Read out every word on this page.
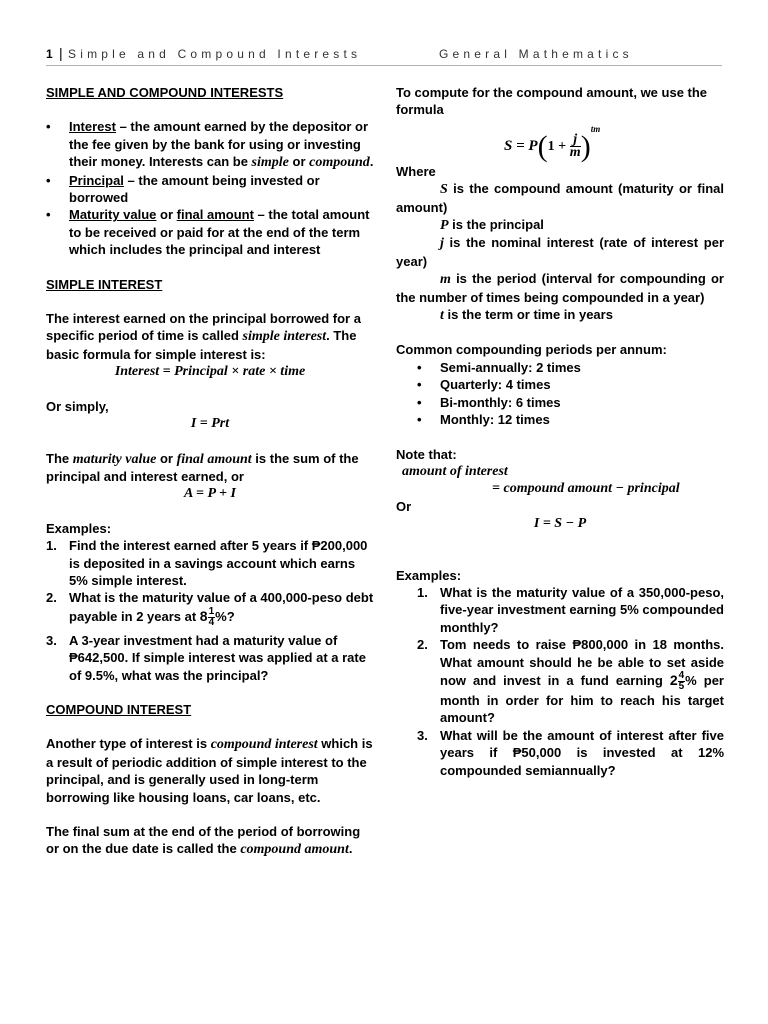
1 | Simple and Compound Interests	General Mathematics

SIMPLE AND COMPOUND INTERESTS

• Interest – the amount earned by the depositor or the fee given by the bank for using or investing their money. Interests can be simple or compound.
• Principal – the amount being invested or borrowed
• Maturity value or final amount – the total amount to be received or paid for at the end of the term which includes the principal and interest

SIMPLE INTEREST

The interest earned on the principal borrowed for a specific period of time is called simple interest. The basic formula for simple interest is:

Interest = Principal × rate × time

Or simply,

I = Prt

The maturity value or final amount is the sum of the principal and interest earned, or

A = P + I

Examples:

1. Find the interest earned after 5 years if ₱200,000 is deposited in a savings account which earns 5% simple interest.
2. What is the maturity value of a 400,000-peso debt payable in 2 years at $8 \frac{1}{4}$ %?
3. A 3-year investment had a maturity value of ₱642,500. If simple interest was applied at a rate of 9.5%, what was the principal?

COMPOUND INTEREST

Another type of interest is compound interest which is a result of periodic addition of simple interest to the principal, and is generally used in long-term borrowing like housing loans, car loans, etc.

The final sum at the end of the period of borrowing or on the due date is called the compound amount.

To compute for the compound amount, we use the formula

$S = P(1 + \frac{j}{m} )^{tm}$

Where

S is the compound amount (maturity or final amount)

P is the principal

j is the nominal interest (rate of interest per year)

m is the period (interval for compounding or the number of times being compounded in a year)

t is the term or time in years

Common compounding periods per annum:

• Semi-annually: 2 times
• Quarterly: 4 times
• Bi-monthly: 6 times
• Monthly: 12 times

Note that:

amount of interest

= compound amount − principal

Or

I = S − P

Examples:

1. What is the maturity value of a 350,000-peso, five-year investment earning 5% compounded monthly?
2. Tom needs to raise ₱800,000 in 18 months. What amount should he be able to set aside now and invest in a fund earning $2 \frac{4}{5}$ % per month in order for him to reach his target amount?
3. What will be the amount of interest after five years if ₱50,000 is invested at 12% compounded semiannually?
